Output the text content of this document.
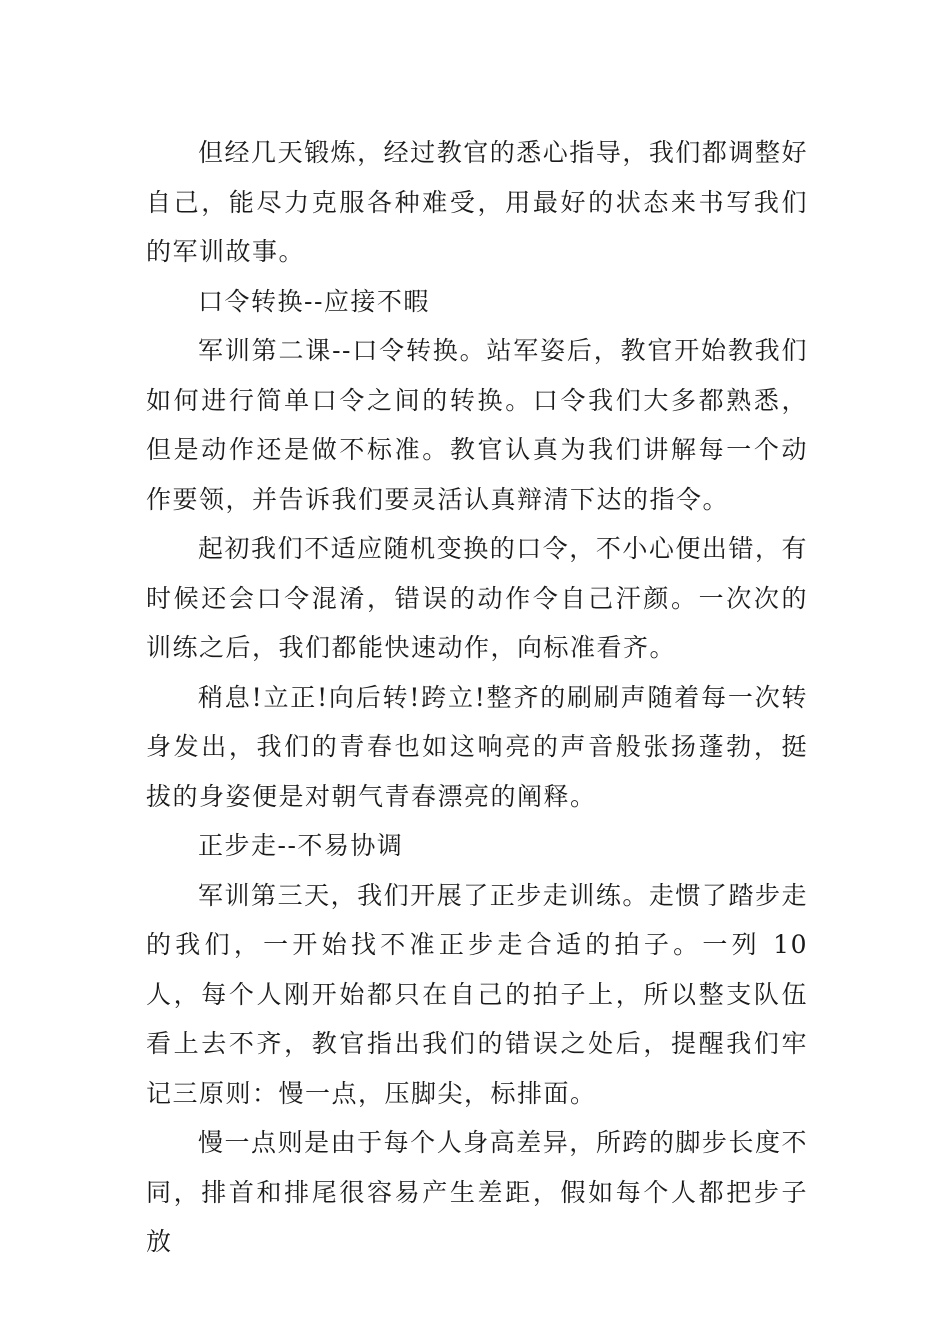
但经几天锻炼，经过教官的悉心指导，我们都调整好自己，能尽力克服各种难受，用最好的状态来书写我们的军训故事。

口令转换--应接不暇

军训第二课--口令转换。站军姿后，教官开始教我们如何进行简单口令之间的转换。口令我们大多都熟悉，但是动作还是做不标准。教官认真为我们讲解每一个动作要领，并告诉我们要灵活认真辩清下达的指令。

起初我们不适应随机变换的口令，不小心便出错，有时候还会口令混淆，错误的动作令自己汗颜。一次次的训练之后，我们都能快速动作，向标准看齐。

稍息!立正!向后转!跨立!整齐的刷刷声随着每一次转身发出，我们的青春也如这响亮的声音般张扬蓬勃，挺拔的身姿便是对朝气青春漂亮的阐释。

正步走--不易协调

军训第三天，我们开展了正步走训练。走惯了踏步走的我们，一开始找不准正步走合适的拍子。一列 10 人，每个人刚开始都只在自己的拍子上，所以整支队伍看上去不齐，教官指出我们的错误之处后，提醒我们牢记三原则：慢一点，压脚尖，标排面。

慢一点则是由于每个人身高差异，所跨的脚步长度不同，排首和排尾很容易产生差距，假如每个人都把步子放
